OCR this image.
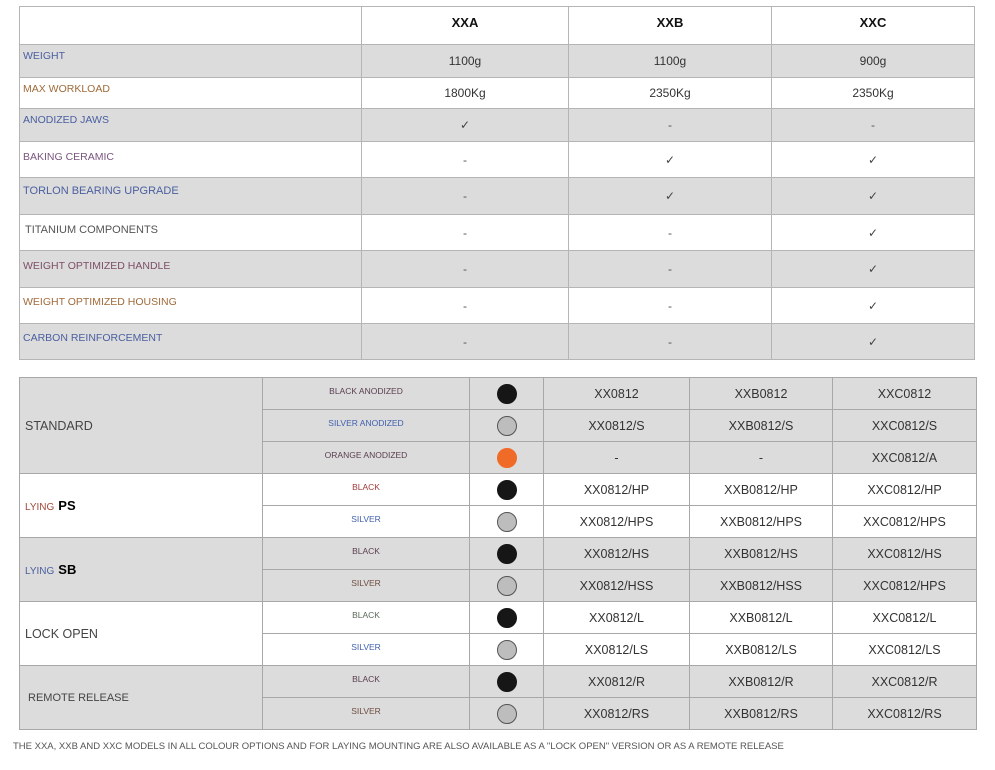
	XXA	XXB	XXC
WEIGHT	1100g	1100g	900g
MAX WORKLOAD	1800Kg	2350Kg	2350Kg
ANODIZED JAWS	✓	-	-
BAKING CERAMIC	-	✓	✓
TORLON BEARING UPGRADE	-	✓	✓
TITANIUM COMPONENTS	-	-	✓
WEIGHT OPTIMIZED HANDLE	-	-	✓
WEIGHT OPTIMIZED HOUSING	-	-	✓
CARBON REINFORCEMENT	-	-	✓
STANDARD	BLACK ANODIZED		XX0812	XXB0812	XXC0812
	SILVER ANODIZED		XX0812/S	XXB0812/S	XXC0812/S
	ORANGE ANODIZED		-	-	XXC0812/A
LYING PS	BLACK		XX0812/HP	XXB0812/HP	XXC0812/HP
	SILVER		XX0812/HPS	XXB0812/HPS	XXC0812/HPS
LYING SB	BLACK		XX0812/HS	XXB0812/HS	XXC0812/HS
	SILVER		XX0812/HSS	XXB0812/HSS	XXC0812/HPS
LOCK OPEN	BLACK		XX0812/L	XXB0812/L	XXC0812/L
	SILVER		XX0812/LS	XXB0812/LS	XXC0812/LS
REMOTE RELEASE	BLACK		XX0812/R	XXB0812/R	XXC0812/R
	SILVER		XX0812/RS	XXB0812/RS	XXC0812/RS
THE XXA, XXB AND XXC MODELS IN ALL COLOUR OPTIONS AND FOR LAYING MOUNTING ARE ALSO AVAILABLE AS A "LOCK OPEN" VERSION OR AS A REMOTE RELEASE
